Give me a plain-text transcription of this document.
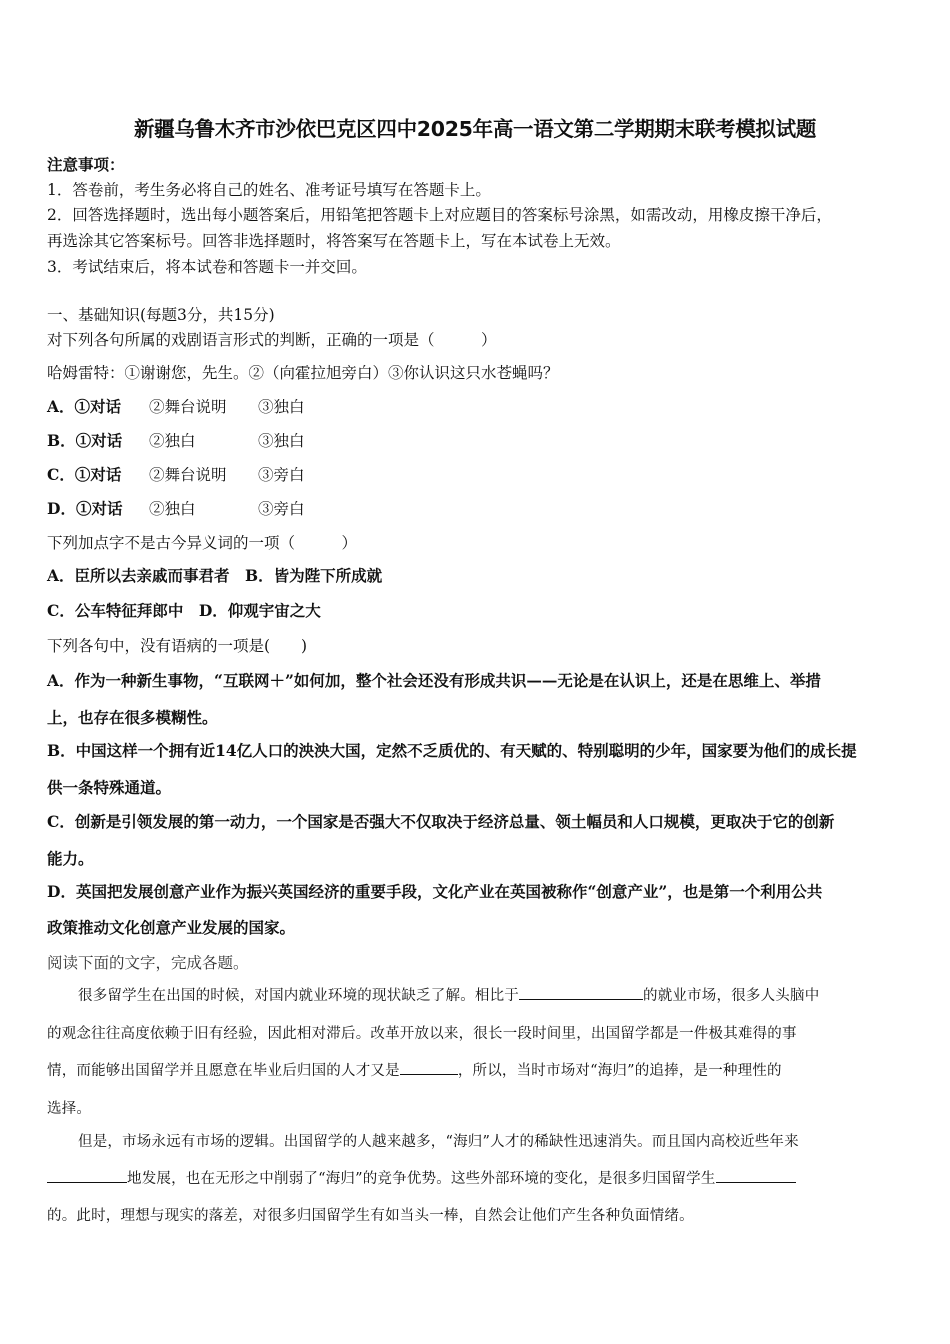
新疆乌鲁木齐市沙依巴克区四中2025年高一语文第二学期期末联考模拟试题
注意事项：
1．答卷前，考生务必将自己的姓名、准考证号填写在答题卡上。
2．回答选择题时，选出每小题答案后，用铅笔把答题卡上对应题目的答案标号涂黑，如需改动，用橡皮擦干净后，
再选涂其它答案标号。回答非选择题时，将答案写在答题卡上，写在本试卷上无效。
3．考试结束后，将本试卷和答题卡一并交回。
一、基础知识(每题3分，共15分)
对下列各句所属的戏剧语言形式的判断，正确的一项是（　　　）
哈姆雷特：①谢谢您，先生。②（向霍拉旭旁白）③你认识这只水苍蝇吗？
A．①对话 ②舞台说明 ③独白
B．①对话 ②独白	③独白
C．①对话 ②舞台说明 ③旁白
D．①对话 ②独白	③旁白
下列加点字不是古今异义词的一项（　　　）
A．臣所以去亲戚而事君者　B．皆为陛下所成就
C．公车特征拜郎中　D．仰观宇宙之大
下列各句中，没有语病的一项是(　　)
A．作为一种新生事物，“互联网＋”如何加，整个社会还没有形成共识——无论是在认识上，还是在思维上、举措
上，也存在很多模糊性。
B．中国这样一个拥有近14亿人口的泱泱大国，定然不乏质优的、有天赋的、特别聪明的少年，国家要为他们的成长提
供一条特殊通道。
C．创新是引领发展的第一动力，一个国家是否强大不仅取决于经济总量、领土幅员和人口规模，更取决于它的创新
能力。
D．英国把发展创意产业作为振兴英国经济的重要手段，文化产业在英国被称作“创意产业”，也是第一个利用公共
政策推动文化创意产业发展的国家。
阅读下面的文字，完成各题。
很多留学生在出国的时候，对国内就业环境的现状缺乏了解。相比于	的就业市场，很多人头脑中
的观念往往高度依赖于旧有经验，因此相对滞后。改革开放以来，很长一段时间里，出国留学都是一件极其难得的事
情，而能够出国留学并且愿意在毕业后归国的人才又是	，所以，当时市场对“海归”的追捧，是一种理性的
选择。
但是，市场永远有市场的逻辑。出国留学的人越来越多，“海归”人才的稀缺性迅速消失。而且国内高校近些年来
地发展，也在无形之中削弱了“海归”的竞争优势。这些外部环境的变化，是很多归国留学生
的。此时，理想与现实的落差，对很多归国留学生有如当头一棒，自然会让他们产生各种负面情绪。
